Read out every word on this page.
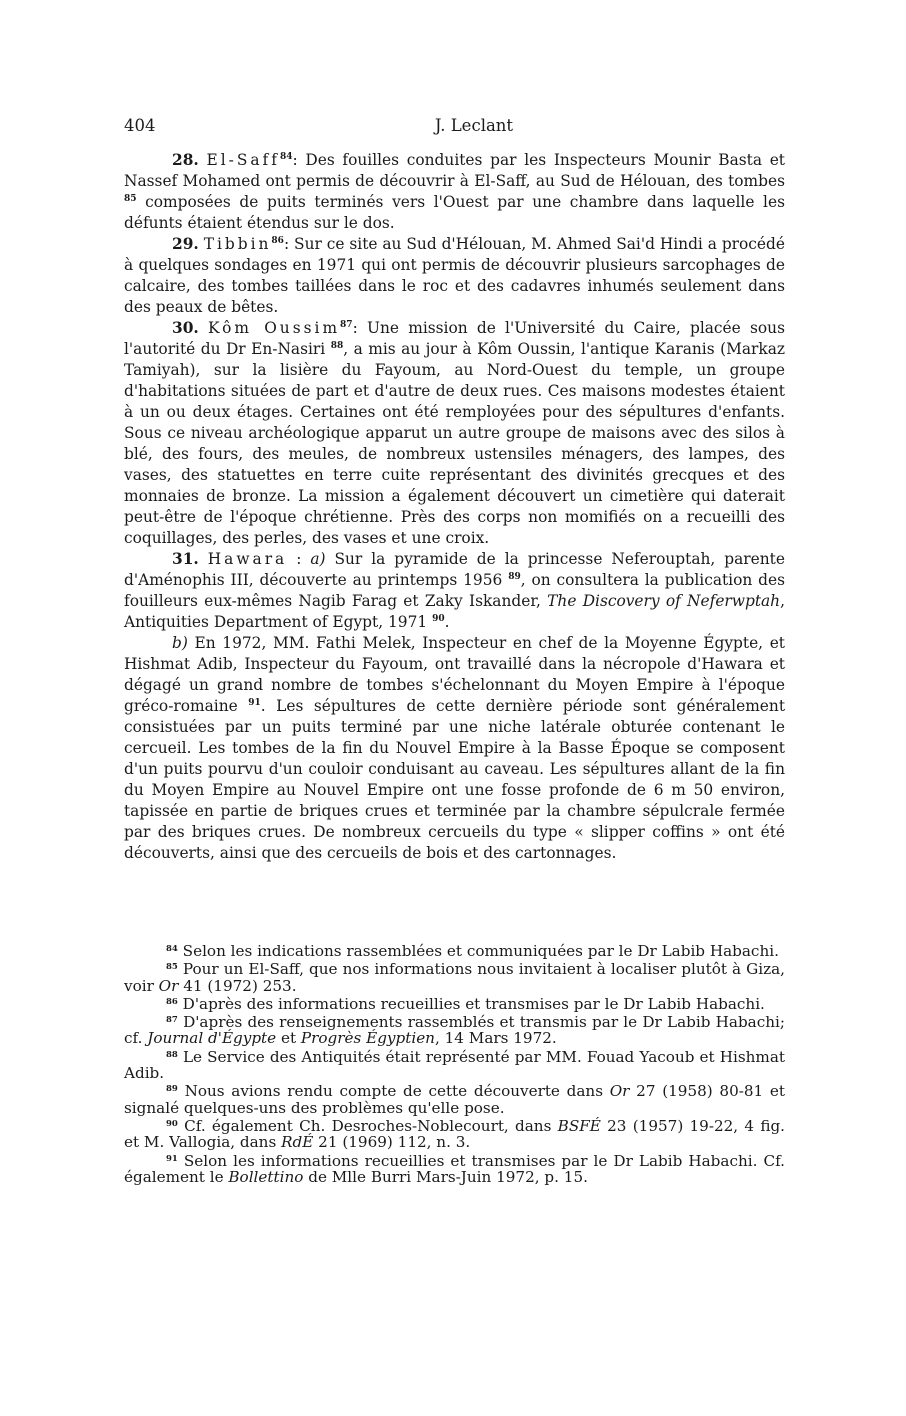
404	J. Leclant

28. El-Saff$^{84}$: Des fouilles conduites par les Inspecteurs Mounir Basta et Nassef Mohamed ont permis de découvrir à El-Saff, au Sud de Hélouan, des tombes $^{85}$ composées de puits terminés vers l'Ouest par une chambre dans laquelle les défunts étaient étendus sur le dos.

29. Tibbin$^{86}$: Sur ce site au Sud d'Hélouan, M. Ahmed Sai'd Hindi a procédé à quelques sondages en 1971 qui ont permis de découvrir plusieurs sarcophages de calcaire, des tombes taillées dans le roc et des cadavres inhumés seulement dans des peaux de bêtes.

30. Kôm Oussim$^{87}$: Une mission de l'Université du Caire, placée sous l'autorité du Dr En-Nasiri $^{88}$, a mis au jour à Kôm Oussin, l'antique Karanis (Markaz Tamiyah), sur la lisière du Fayoum, au Nord-Ouest du temple, un groupe d'habitations situées de part et d'autre de deux rues. Ces maisons modestes étaient à un ou deux étages. Certaines ont été remployées pour des sépultures d'enfants. Sous ce niveau archéologique apparut un autre groupe de maisons avec des silos à blé, des fours, des meules, de nombreux ustensiles ménagers, des lampes, des vases, des statuettes en terre cuite représentant des divinités grecques et des monnaies de bronze. La mission a également découvert un cimetière qui daterait peut-être de l'époque chrétienne. Près des corps non momifiés on a recueilli des coquillages, des perles, des vases et une croix.

31. Hawara : a) Sur la pyramide de la princesse Neferouptah, parente d'Aménophis III, découverte au printemps 1956 $^{89}$, on consultera la publication des fouilleurs eux-mêmes Nagib Farag et Zaky Iskander, The Discovery of Neferwptah, Antiquities Department of Egypt, 1971 $^{90}$.

b) En 1972, MM. Fathi Melek, Inspecteur en chef de la Moyenne Égypte, et Hishmat Adib, Inspecteur du Fayoum, ont travaillé dans la nécropole d'Hawara et dégagé un grand nombre de tombes s'échelonnant du Moyen Empire à l'époque gréco-romaine $^{91}$. Les sépultures de cette dernière période sont généralement consistuées par un puits terminé par une niche latérale obturée contenant le cercueil. Les tombes de la fin du Nouvel Empire à la Basse Époque se composent d'un puits pourvu d'un couloir conduisant au caveau. Les sépultures allant de la fin du Moyen Empire au Nouvel Empire ont une fosse profonde de 6 m 50 environ, tapissée en partie de briques crues et terminée par la chambre sépulcrale fermée par des briques crues. De nombreux cercueils du type « slipper coffins » ont été découverts, ainsi que des cercueils de bois et des cartonnages.

$^{84}$ Selon les indications rassemblées et communiquées par le Dr Labib Habachi.

$^{85}$ Pour un El-Saff, que nos informations nous invitaient à localiser plutôt à Giza, voir Or 41 (1972) 253.

$^{86}$ D'après des informations recueillies et transmises par le Dr Labib Habachi.

$^{87}$ D'après des renseignements rassemblés et transmis par le Dr Labib Habachi; cf. Journal d'Égypte et Progrès Égyptien, 14 Mars 1972.

$^{88}$ Le Service des Antiquités était représenté par MM. Fouad Yacoub et Hishmat Adib.

$^{89}$ Nous avions rendu compte de cette découverte dans Or 27 (1958) 80-81 et signalé quelques-uns des problèmes qu'elle pose.

$^{90}$ Cf. également Ch. Desroches-Noblecourt, dans BSFÉ 23 (1957) 19-22, 4 fig. et M. Vallogia, dans RdÉ 21 (1969) 112, n. 3.

$^{91}$ Selon les informations recueillies et transmises par le Dr Labib Habachi. Cf. également le Bollettino de Mlle Burri Mars-Juin 1972, p. 15.
